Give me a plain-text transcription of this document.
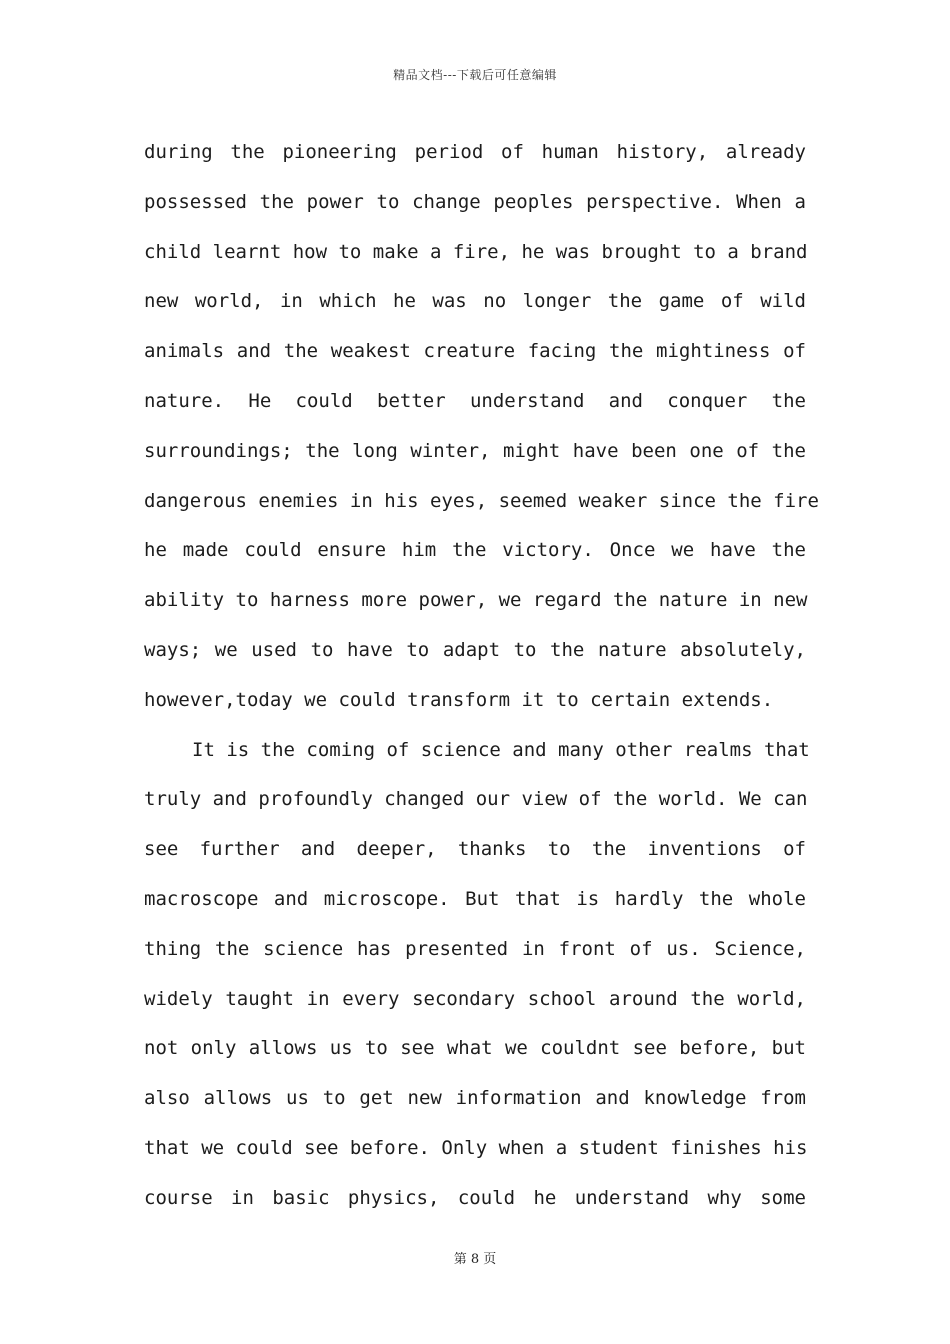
精品文档---下载后可任意编辑
during the pioneering period of human history, already
possessed the power to change peoples perspective. When a
child learnt how to make a fire, he was brought to a brand
new world, in which he was no longer the game of wild
animals and the weakest creature facing the mightiness of
nature. He could better understand and conquer the
surroundings; the long winter, might have been one of the
dangerous enemies in his eyes, seemed weaker since the fire
he made could ensure him the victory. Once we have the
ability to harness more power, we regard the nature in new
ways; we used to have to adapt to the nature absolutely,
however,today we could transform it to certain extends.
It is the coming of science and many other realms that
truly and profoundly changed our view of the world. We can
see further and deeper, thanks to the inventions of
macroscope and microscope. But that is hardly the whole
thing the science has presented in front of us. Science,
widely taught in every secondary school around the world,
not only allows us to see what we couldnt see before, but
also allows us to get new information and knowledge from
that we could see before. Only when a student finishes his
course in basic physics, could he understand why some
第 8 页
